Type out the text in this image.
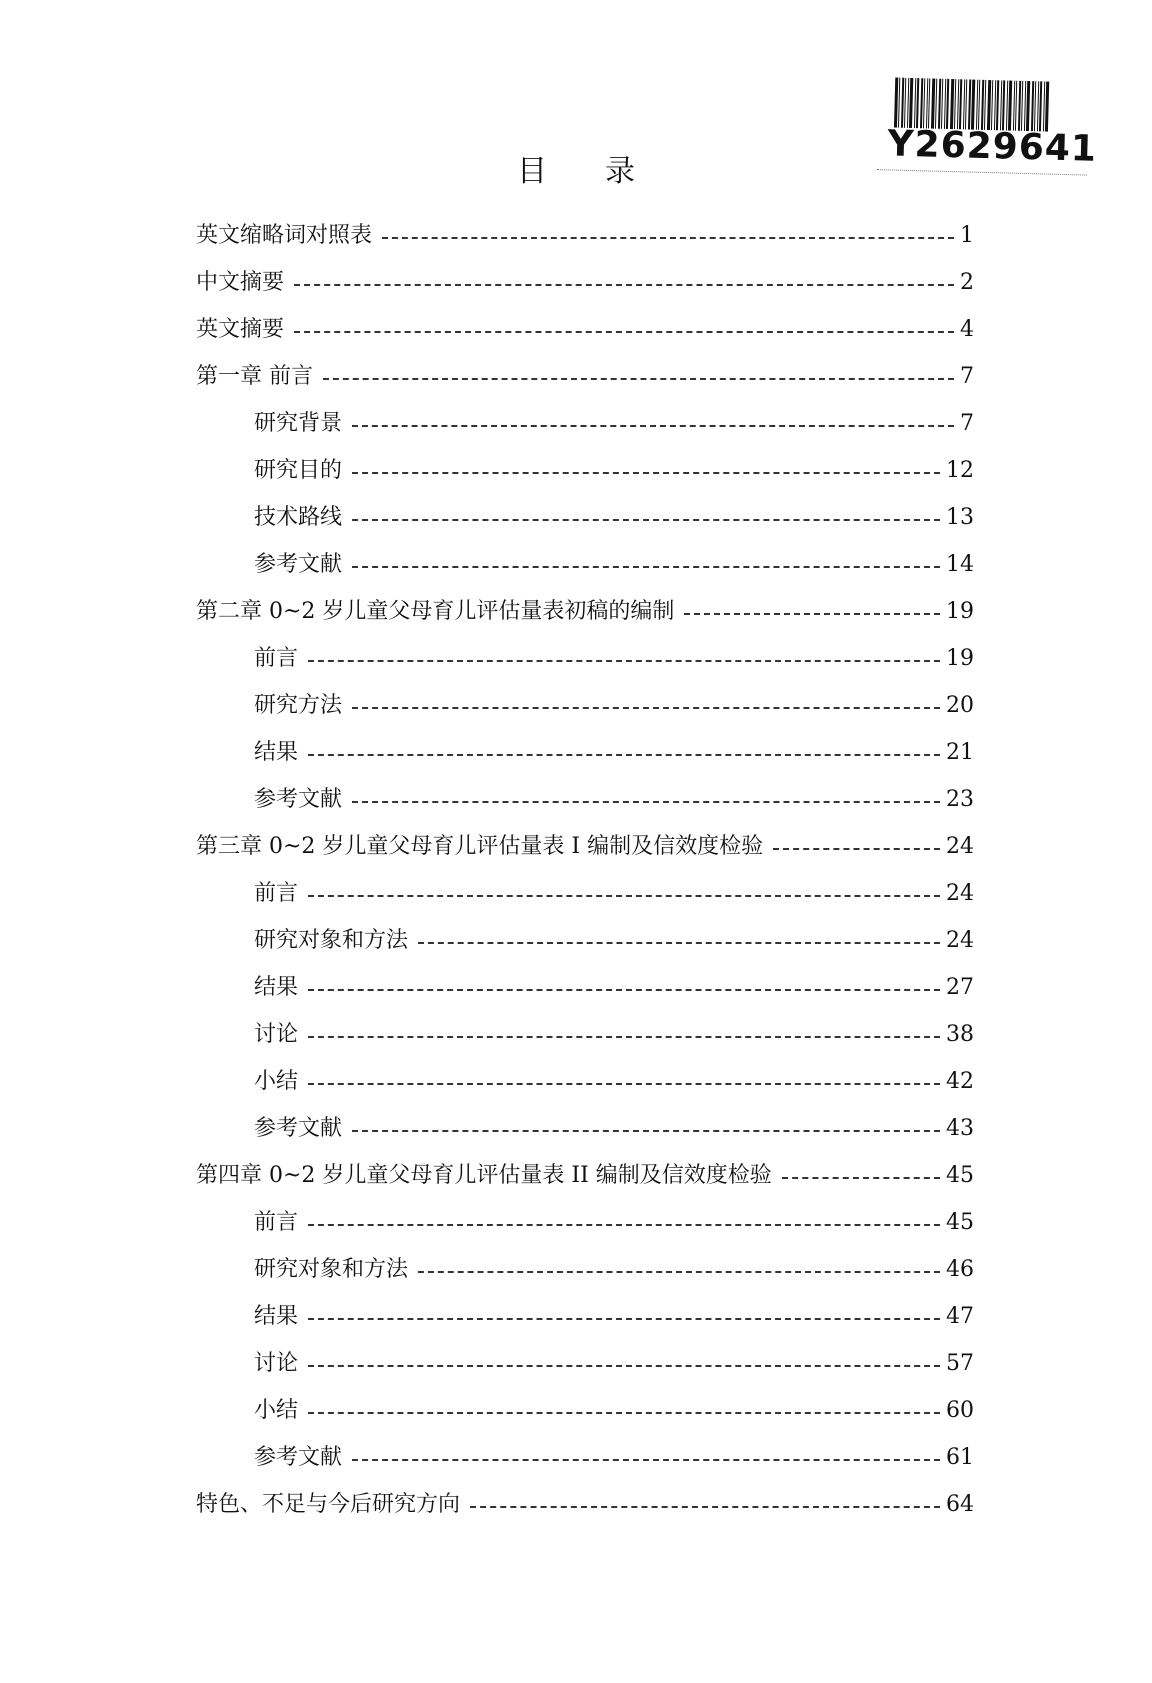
Y2629641
目录
英文缩略词对照表	1
中文摘要	2
英文摘要	4
第一章 前言	7
研究背景	7
研究目的	12
技术路线	13
参考文献	14
第二章 0~2 岁儿童父母育儿评估量表初稿的编制	19
前言	19
研究方法	20
结果	21
参考文献	23
第三章 0~2 岁儿童父母育儿评估量表 I 编制及信效度检验	24
前言	24
研究对象和方法	24
结果	27
讨论	38
小结	42
参考文献	43
第四章 0~2 岁儿童父母育儿评估量表 II 编制及信效度检验	45
前言	45
研究对象和方法	46
结果	47
讨论	57
小结	60
参考文献	61
特色、不足与今后研究方向	64
